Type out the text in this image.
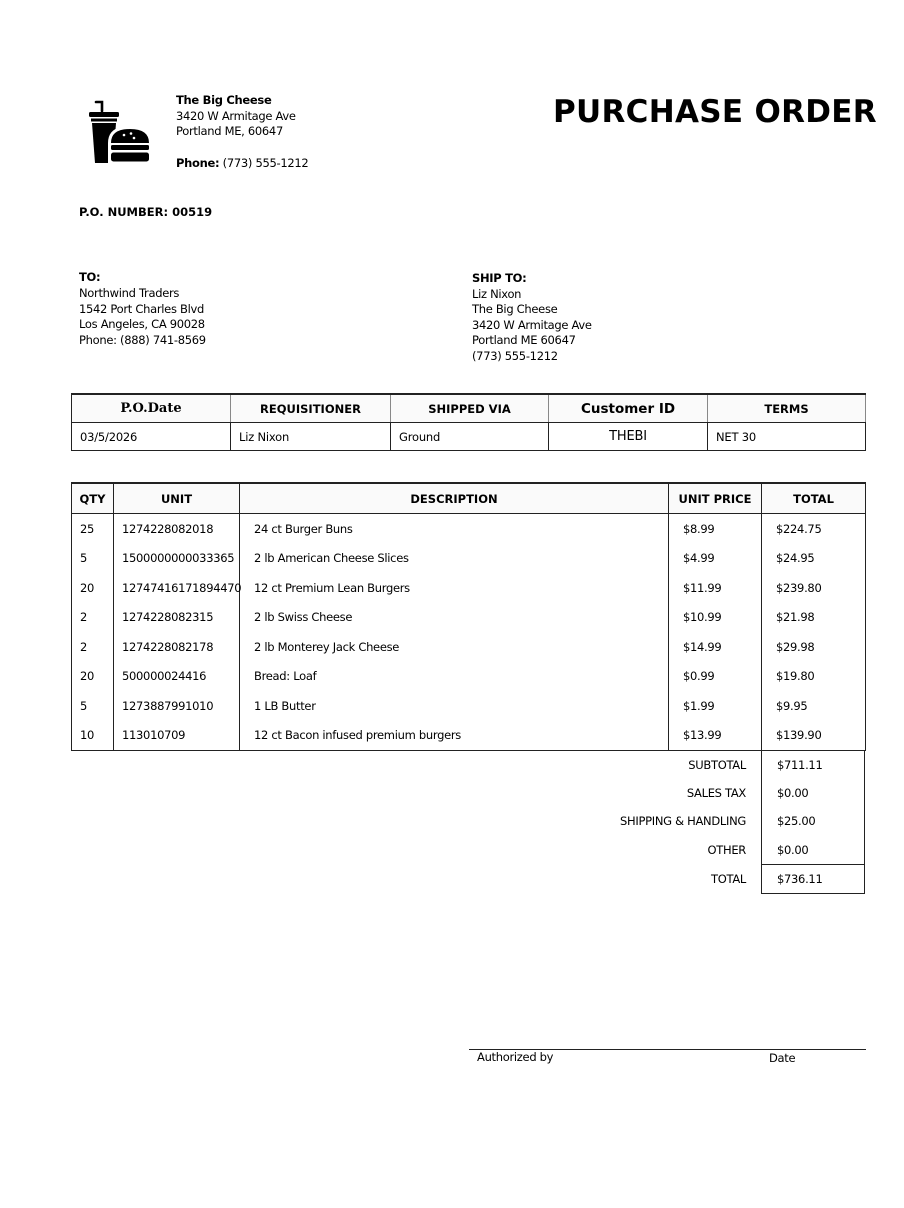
The Big Cheese
3420 W Armitage Ave
Portland ME, 60647
Phone: (773) 555-1212
PURCHASE ORDER
P.O. NUMBER: 00519
TO:
Northwind Traders
1542 Port Charles Blvd
Los Angeles, CA 90028
Phone: (888) 741-8569
SHIP TO:
Liz Nixon
The Big Cheese
3420 W Armitage Ave
Portland ME 60647
(773) 555-1212
P.O.Date	REQUISITIONER	SHIPPED VIA	Customer ID	TERMS
03/5/2026	Liz Nixon	Ground	THEBI	NET 30
QTY	UNIT	DESCRIPTION	UNIT PRICE	TOTAL
25	1274228082018	24 ct Burger Buns	$8.99	$224.75
5	1500000000033365	2 lb American Cheese Slices	$4.99	$24.95
20	12747416171894470	12 ct Premium Lean Burgers	$11.99	$239.80
2	1274228082315	2 lb Swiss Cheese	$10.99	$21.98
2	1274228082178	2 lb Monterey Jack Cheese	$14.99	$29.98
20	500000024416	Bread: Loaf	$0.99	$19.80
5	1273887991010	1 LB Butter	$1.99	$9.95
10	113010709	12 ct Bacon infused premium burgers	$13.99	$139.90
SUBTOTAL	$711.11
SALES TAX	$0.00
SHIPPING & HANDLING	$25.00
OTHER	$0.00
TOTAL	$736.11
Authorized by	Date
